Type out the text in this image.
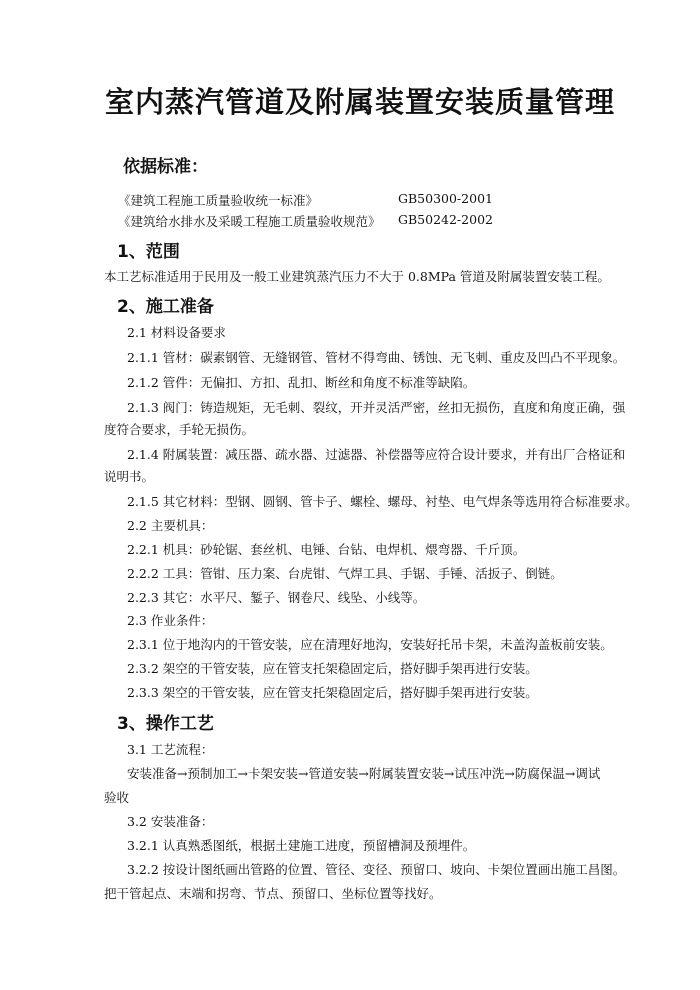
室内蒸汽管道及附属装置安装质量管理
依据标准：
《建筑工程施工质量验收统一标准》	GB50300-2001
《建筑给水排水及采暖工程施工质量验收规范》 GB50242-2002
1、范围
本工艺标准适用于民用及一般工业建筑蒸汽压力不大于 0.8MPa 管道及附属装置安装工程。
2、施工准备
2.1 材料设备要求
2.1.1 管材：碳素钢管、无缝钢管、管材不得弯曲、锈蚀、无飞刺、重皮及凹凸不平现象。
2.1.2 管件：无偏扣、方扣、乱扣、断丝和角度不标准等缺陷。
2.1.3 阀门：铸造规矩，无毛刺、裂纹，开并灵活严密，丝扣无损伤，直度和角度正确，强
度符合要求，手轮无损伤。
2.1.4 附属装置：减压器、疏水器、过滤器、补偿器等应符合设计要求，并有出厂合格证和
说明书。
2.1.5 其它材料：型钢、圆钢、管卡子、螺栓、螺母、衬垫、电气焊条等选用符合标准要求。
2.2 主要机具：
2.2.1 机具：砂轮锯、套丝机、电锤、台钻、电焊机、煨弯器、千斤顶。
2.2.2 工具：管钳、压力案、台虎钳、气焊工具、手锯、手锤、活扳子、倒链。
2.2.3 其它：水平尺、錾子、钢卷尺、线坠、小线等。
2.3 作业条件：
2.3.1 位于地沟内的干管安装，应在清理好地沟，安装好托吊卡架，未盖沟盖板前安装。
2.3.2 架空的干管安装，应在管支托架稳固定后，搭好脚手架再进行安装。
2.3.3 架空的干管安装，应在管支托架稳固定后，搭好脚手架再进行安装。
3、操作工艺
3.1 工艺流程：
安装准备→预制加工→卡架安装→管道安装→附属装置安装→试压冲洗→防腐保温→调试
验收
3.2 安装准备：
3.2.1 认真熟悉图纸，根据土建施工进度，预留槽洞及预埋件。
3.2.2 按设计图纸画出管路的位置、管径、变径、预留口、坡向、卡架位置画出施工昌图。
把干管起点、末端和拐弯、节点、预留口、坐标位置等找好。
